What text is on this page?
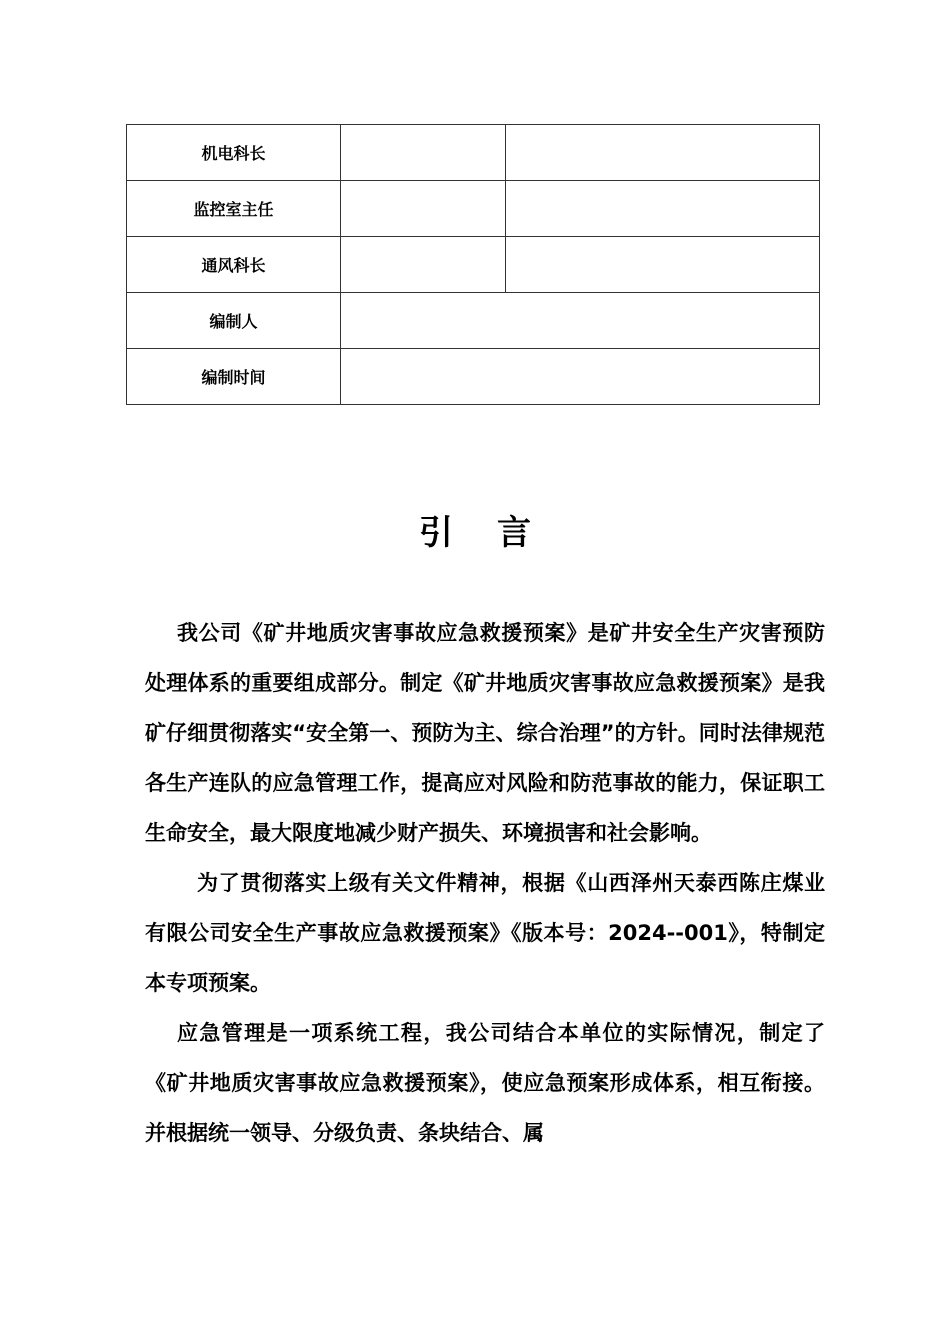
机电科长		
监控室主任		
通风科长		
编制人		
编制时间		
引言

我公司《矿井地质灾害事故应急救援预案》是矿井安全生产灾害预防处理体系的重要组成部分。制定《矿井地质灾害事故应急救援预案》是我矿仔细贯彻落实“安全第一、预防为主、综合治理”的方针。同时法律规范各生产连队的应急管理工作，提高应对风险和防范事故的能力，保证职工生命安全，最大限度地减少财产损失、环境损害和社会影响。

为了贯彻落实上级有关文件精神，根据《山西泽州天泰西陈庄煤业有限公司安全生产事故应急救援预案》《版本号：2024--001》，特制定本专项预案。

应急管理是一项系统工程，我公司结合本单位的实际情况，制定了《矿井地质灾害事故应急救援预案》，使应急预案形成体系，相互衔接。并根据统一领导、分级负责、条块结合、属
